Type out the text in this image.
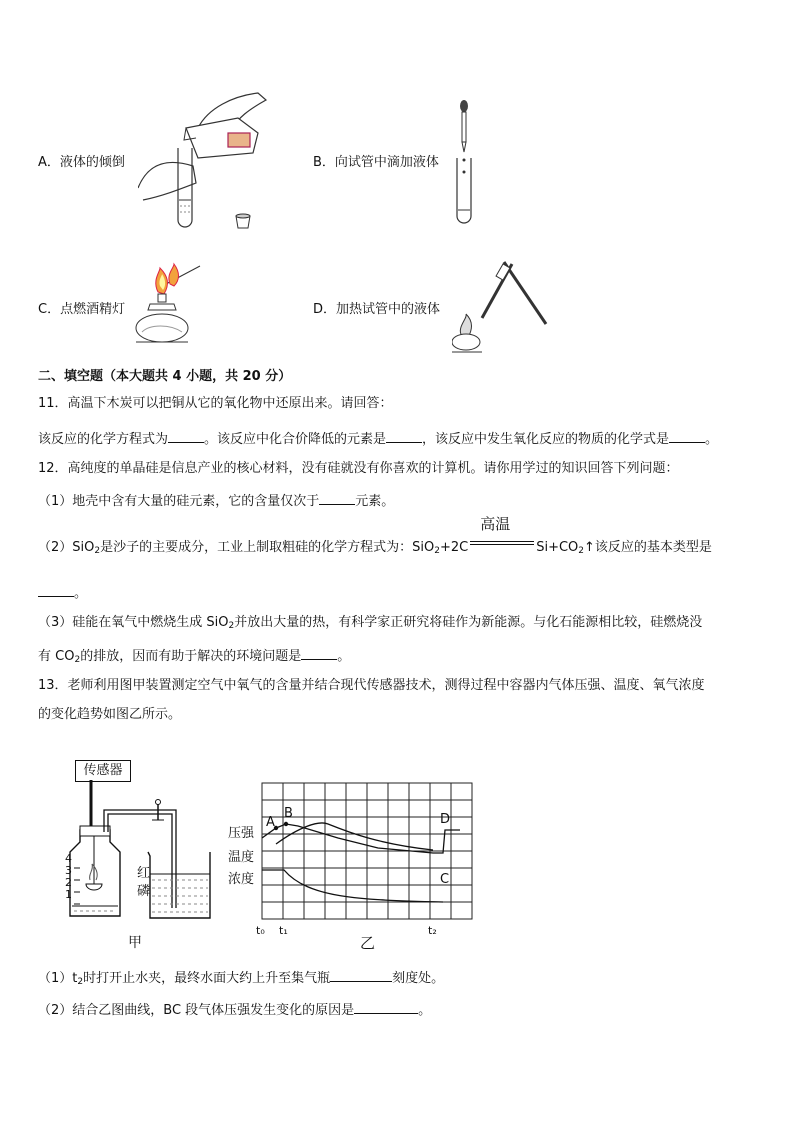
A．液体的倾倒	B．向试管中滴加液体
C．点燃酒精灯	D．加热试管中的液体
二、填空题（本大题共 4 小题，共 20 分）
11．高温下木炭可以把铜从它的氧化物中还原出来。请回答：
该反应的化学方程式为	。该反应中化合价降低的元素是	，该反应中发生氧化反应的物质的化学式是	。
12．高纯度的单晶硅是信息产业的核心材料，没有硅就没有你喜欢的计算机。请你用学过的知识回答下列问题：
（1）地壳中含有大量的硅元素，它的含量仅次于	元素。
（2）SiO$_2$是沙子的主要成分，工业上制取粗硅的化学方程式为：SiO$_2$+2C
高温
$Si+CO_2↑$该反应的基本类型是
。
（3）硅能在氧气中燃烧生成 SiO$_2$并放出大量的热，有科学家正研究将硅作为新能源。与化石能源相比较，硅燃烧没
有 $CO_2$的排放，因而有助于解决的环境问题是	。
13．老师利用图甲装置测定空气中氧气的含量并结合现代传感器技术，测得过程中容器内气体压强、温度、氧气浓度
的变化趋势如图乙所示。
传感器
4
3
2
1
红
磷
甲
压强
温度
浓度
A
B
C
D
t₀ t₁	t₂
乙
$(1)t_2$时打开止水夹，最终水面大约上升至集气瓶	刻度处。
（2）结合乙图曲线，BC 段气体压强发生变化的原因是	。
